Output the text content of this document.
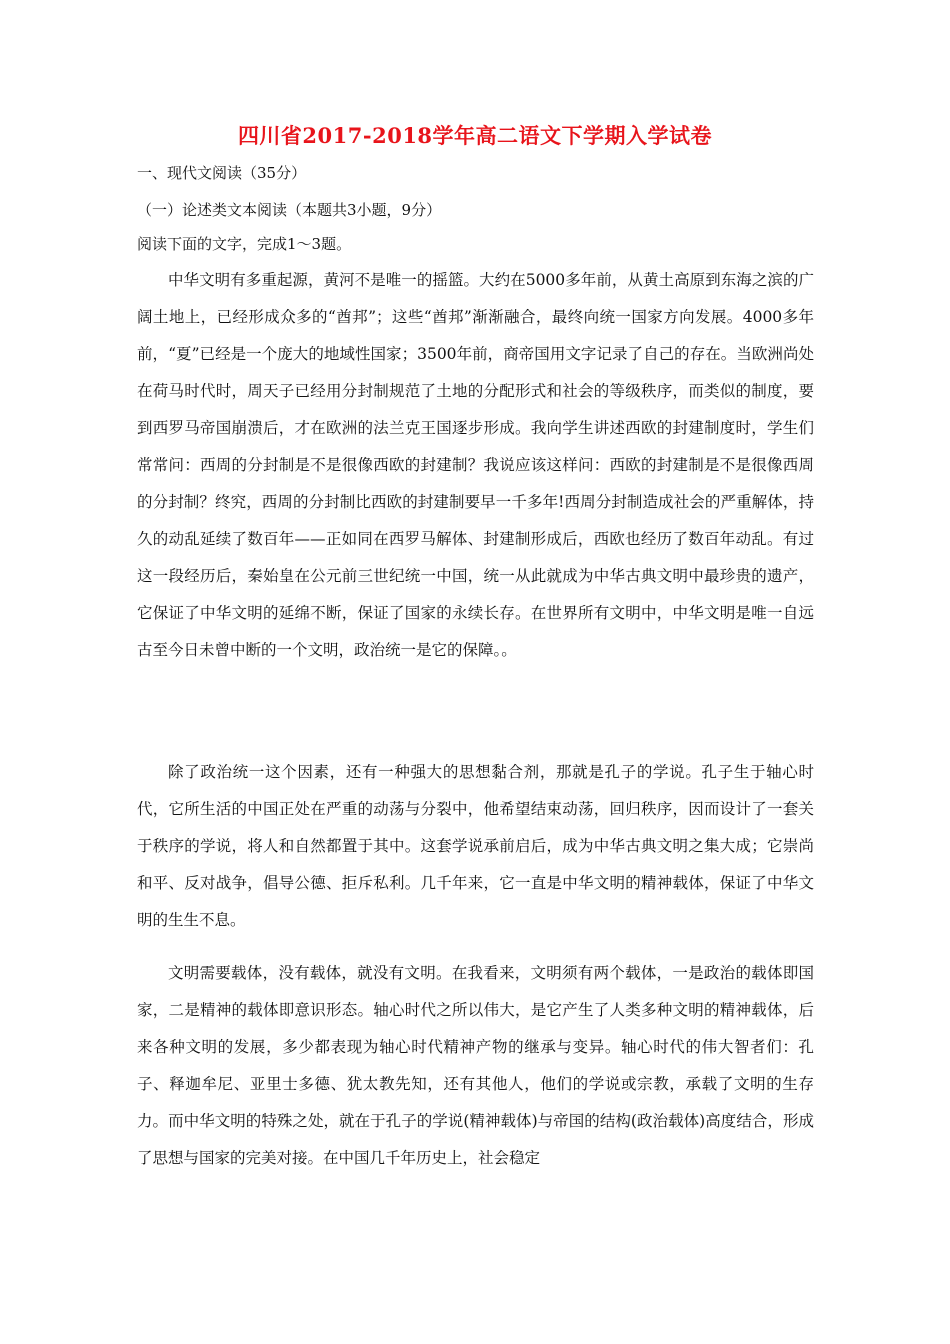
四川省2017-2018学年高二语文下学期入学试卷
一、现代文阅读（35分）
（一）论述类文本阅读（本题共3小题，9分）
阅读下面的文字，完成1～3题。

中华文明有多重起源，黄河不是唯一的摇篮。大约在5000多年前，从黄土高原到东海之滨的广阔土地上，已经形成众多的“酋邦”；这些“酋邦”渐渐融合，最终向统一国家方向发展。4000多年前，“夏”已经是一个庞大的地域性国家；3500年前，商帝国用文字记录了自己的存在。当欧洲尚处在荷马时代时，周天子已经用分封制规范了土地的分配形式和社会的等级秩序，而类似的制度，要到西罗马帝国崩溃后，才在欧洲的法兰克王国逐步形成。我向学生讲述西欧的封建制度时，学生们常常问：西周的分封制是不是很像西欧的封建制？我说应该这样问：西欧的封建制是不是很像西周的分封制？终究，西周的分封制比西欧的封建制要早一千多年!西周分封制造成社会的严重解体，持久的动乱延续了数百年——正如同在西罗马解体、封建制形成后，西欧也经历了数百年动乱。有过这一段经历后，秦始皇在公元前三世纪统一中国，统一从此就成为中华古典文明中最珍贵的遗产，它保证了中华文明的延绵不断，保证了国家的永续长存。在世界所有文明中，中华文明是唯一自远古至今日未曾中断的一个文明，政治统一是它的保障。。

除了政治统一这个因素，还有一种强大的思想黏合剂，那就是孔子的学说。孔子生于轴心时代，它所生活的中国正处在严重的动荡与分裂中，他希望结束动荡，回归秩序，因而设计了一套关于秩序的学说，将人和自然都置于其中。这套学说承前启后，成为中华古典文明之集大成；它崇尚和平、反对战争，倡导公德、拒斥私利。几千年来，它一直是中华文明的精神载体，保证了中华文明的生生不息。

文明需要载体，没有载体，就没有文明。在我看来，文明须有两个载体，一是政治的载体即国家，二是精神的载体即意识形态。轴心时代之所以伟大，是它产生了人类多种文明的精神载体，后来各种文明的发展，多少都表现为轴心时代精神产物的继承与变异。轴心时代的伟大智者们：孔子、释迦牟尼、亚里士多德、犹太教先知，还有其他人，他们的学说或宗教，承载了文明的生存力。而中华文明的特殊之处，就在于孔子的学说(精神载体)与帝国的结构(政治载体)高度结合，形成了思想与国家的完美对接。在中国几千年历史上，社会稳定
